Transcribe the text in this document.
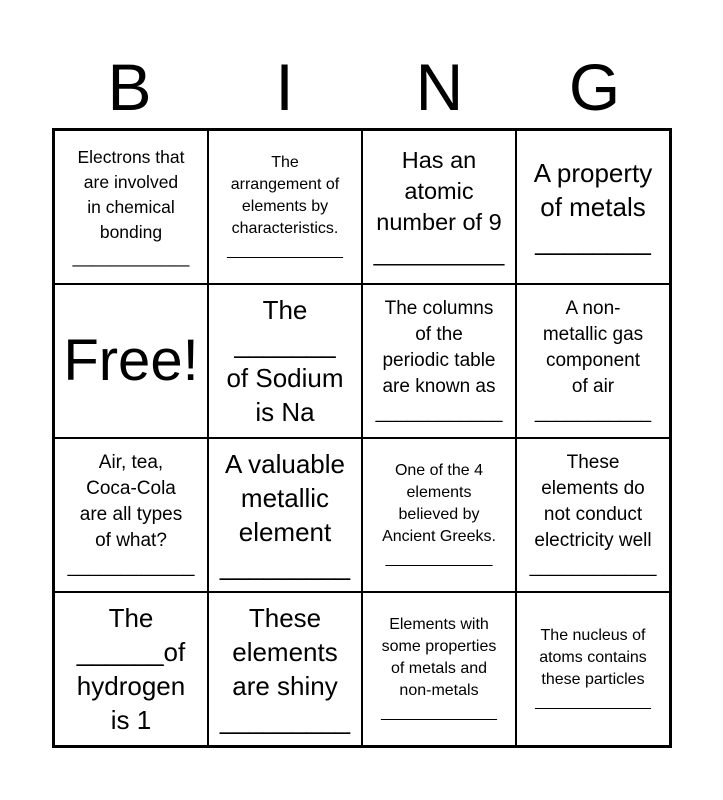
B	I	N	G
Electrons that
are involved
in chemical
bonding
____________
The
arrangement of
elements by
characteristics.
_____________
Has an
atomic
number of 9
__________
A property
of metals
________
Free!
The
_______
of Sodium
is Na
The columns
of the
periodic table
are known as
____________
A non-
metallic gas
component
of air
___________
Air, tea,
Coca-Cola
are all types
of what?
____________
A valuable
metallic
element
_________
One of the 4
elements
believed by
Ancient Greeks.
____________
These
elements do
not conduct
electricity well
____________
The
______of
hydrogen
is 1
These
elements
are shiny
_________
Elements with
some properties
of metals and
non-metals
_____________
The nucleus of
atoms contains
these particles
_____________
